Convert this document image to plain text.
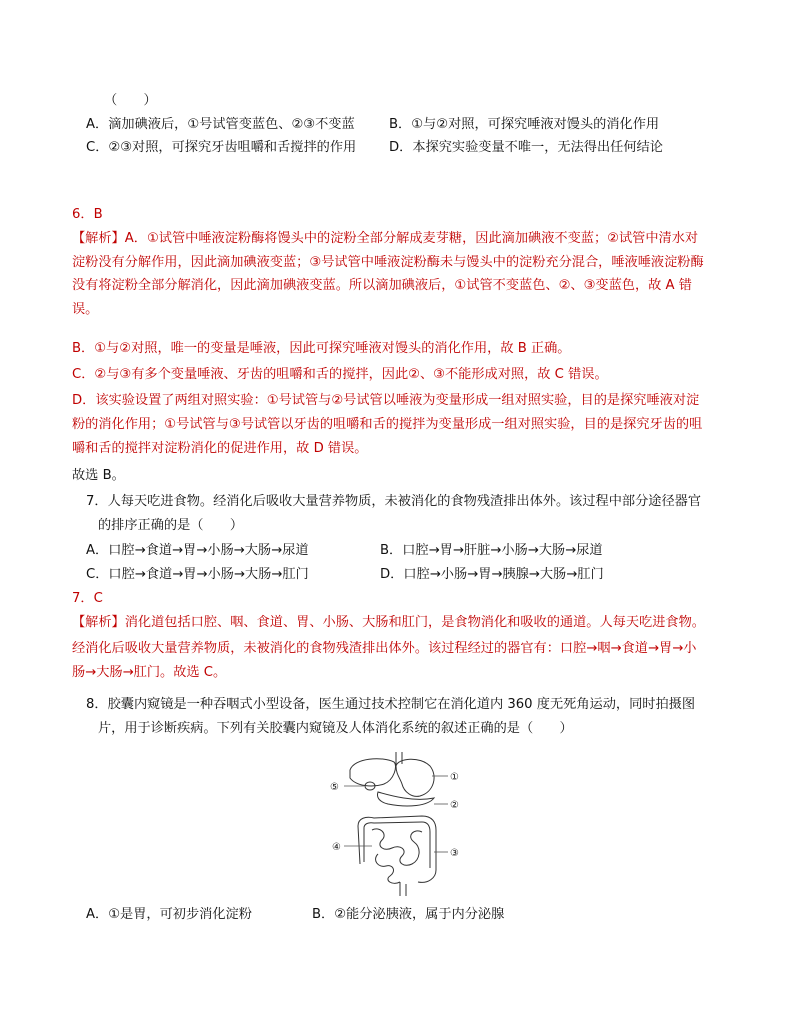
（　　）
A．滴加碘液后，①号试管变蓝色、②③不变蓝	B．①与②对照，可探究唾液对馒头的消化作用
C．②③对照，可探究牙齿咀嚼和舌搅拌的作用 D．本探究实验变量不唯一，无法得出任何结论
6．B
【解析】A．①试管中唾液淀粉酶将馒头中的淀粉全部分解成麦芽糖，因此滴加碘液不变蓝；②试管中清水对
淀粉没有分解作用，因此滴加碘液变蓝；③号试管中唾液淀粉酶未与馒头中的淀粉充分混合，唾液唾液淀粉酶
没有将淀粉全部分解消化，因此滴加碘液变蓝。所以滴加碘液后，①试管不变蓝色、②、③变蓝色，故 A 错
误。
B．①与②对照，唯一的变量是唾液，因此可探究唾液对馒头的消化作用，故 B 正确。
C．②与③有多个变量唾液、牙齿的咀嚼和舌的搅拌，因此②、③不能形成对照，故 C 错误。
D．该实验设置了两组对照实验：①号试管与②号试管以唾液为变量形成一组对照实验，目的是探究唾液对淀
粉的消化作用；①号试管与③号试管以牙齿的咀嚼和舌的搅拌为变量形成一组对照实验，目的是探究牙齿的咀
嚼和舌的搅拌对淀粉消化的促进作用，故 D 错误。
故选 B。
7．人每天吃进食物。经消化后吸收大量营养物质，未被消化的食物残渣排出体外。该过程中部分途径器官
的排序正确的是（　　）
A．口腔→食道→胃→小肠→大肠→尿道	B．口腔→胃→肝脏→小肠→大肠→尿道
C．口腔→食道→胃→小肠→大肠→肛门	D．口腔→小肠→胃→胰腺→大肠→肛门
7．C
【解析】消化道包括口腔、咽、食道、胃、小肠、大肠和肛门，是食物消化和吸收的通道。人每天吃进食物。
经消化后吸收大量营养物质，未被消化的食物残渣排出体外。该过程经过的器官有：口腔→咽→食道→胃→小
肠→大肠→肛门。故选 C。
8．胶囊内窥镜是一种吞咽式小型设备，医生通过技术控制它在消化道内 360 度无死角运动，同时拍摄图
片，用于诊断疾病。下列有关胶囊内窥镜及人体消化系统的叙述正确的是（　　）
①
②
③
④
⑤
A．①是胃，可初步消化淀粉	B．②能分泌胰液，属于内分泌腺
